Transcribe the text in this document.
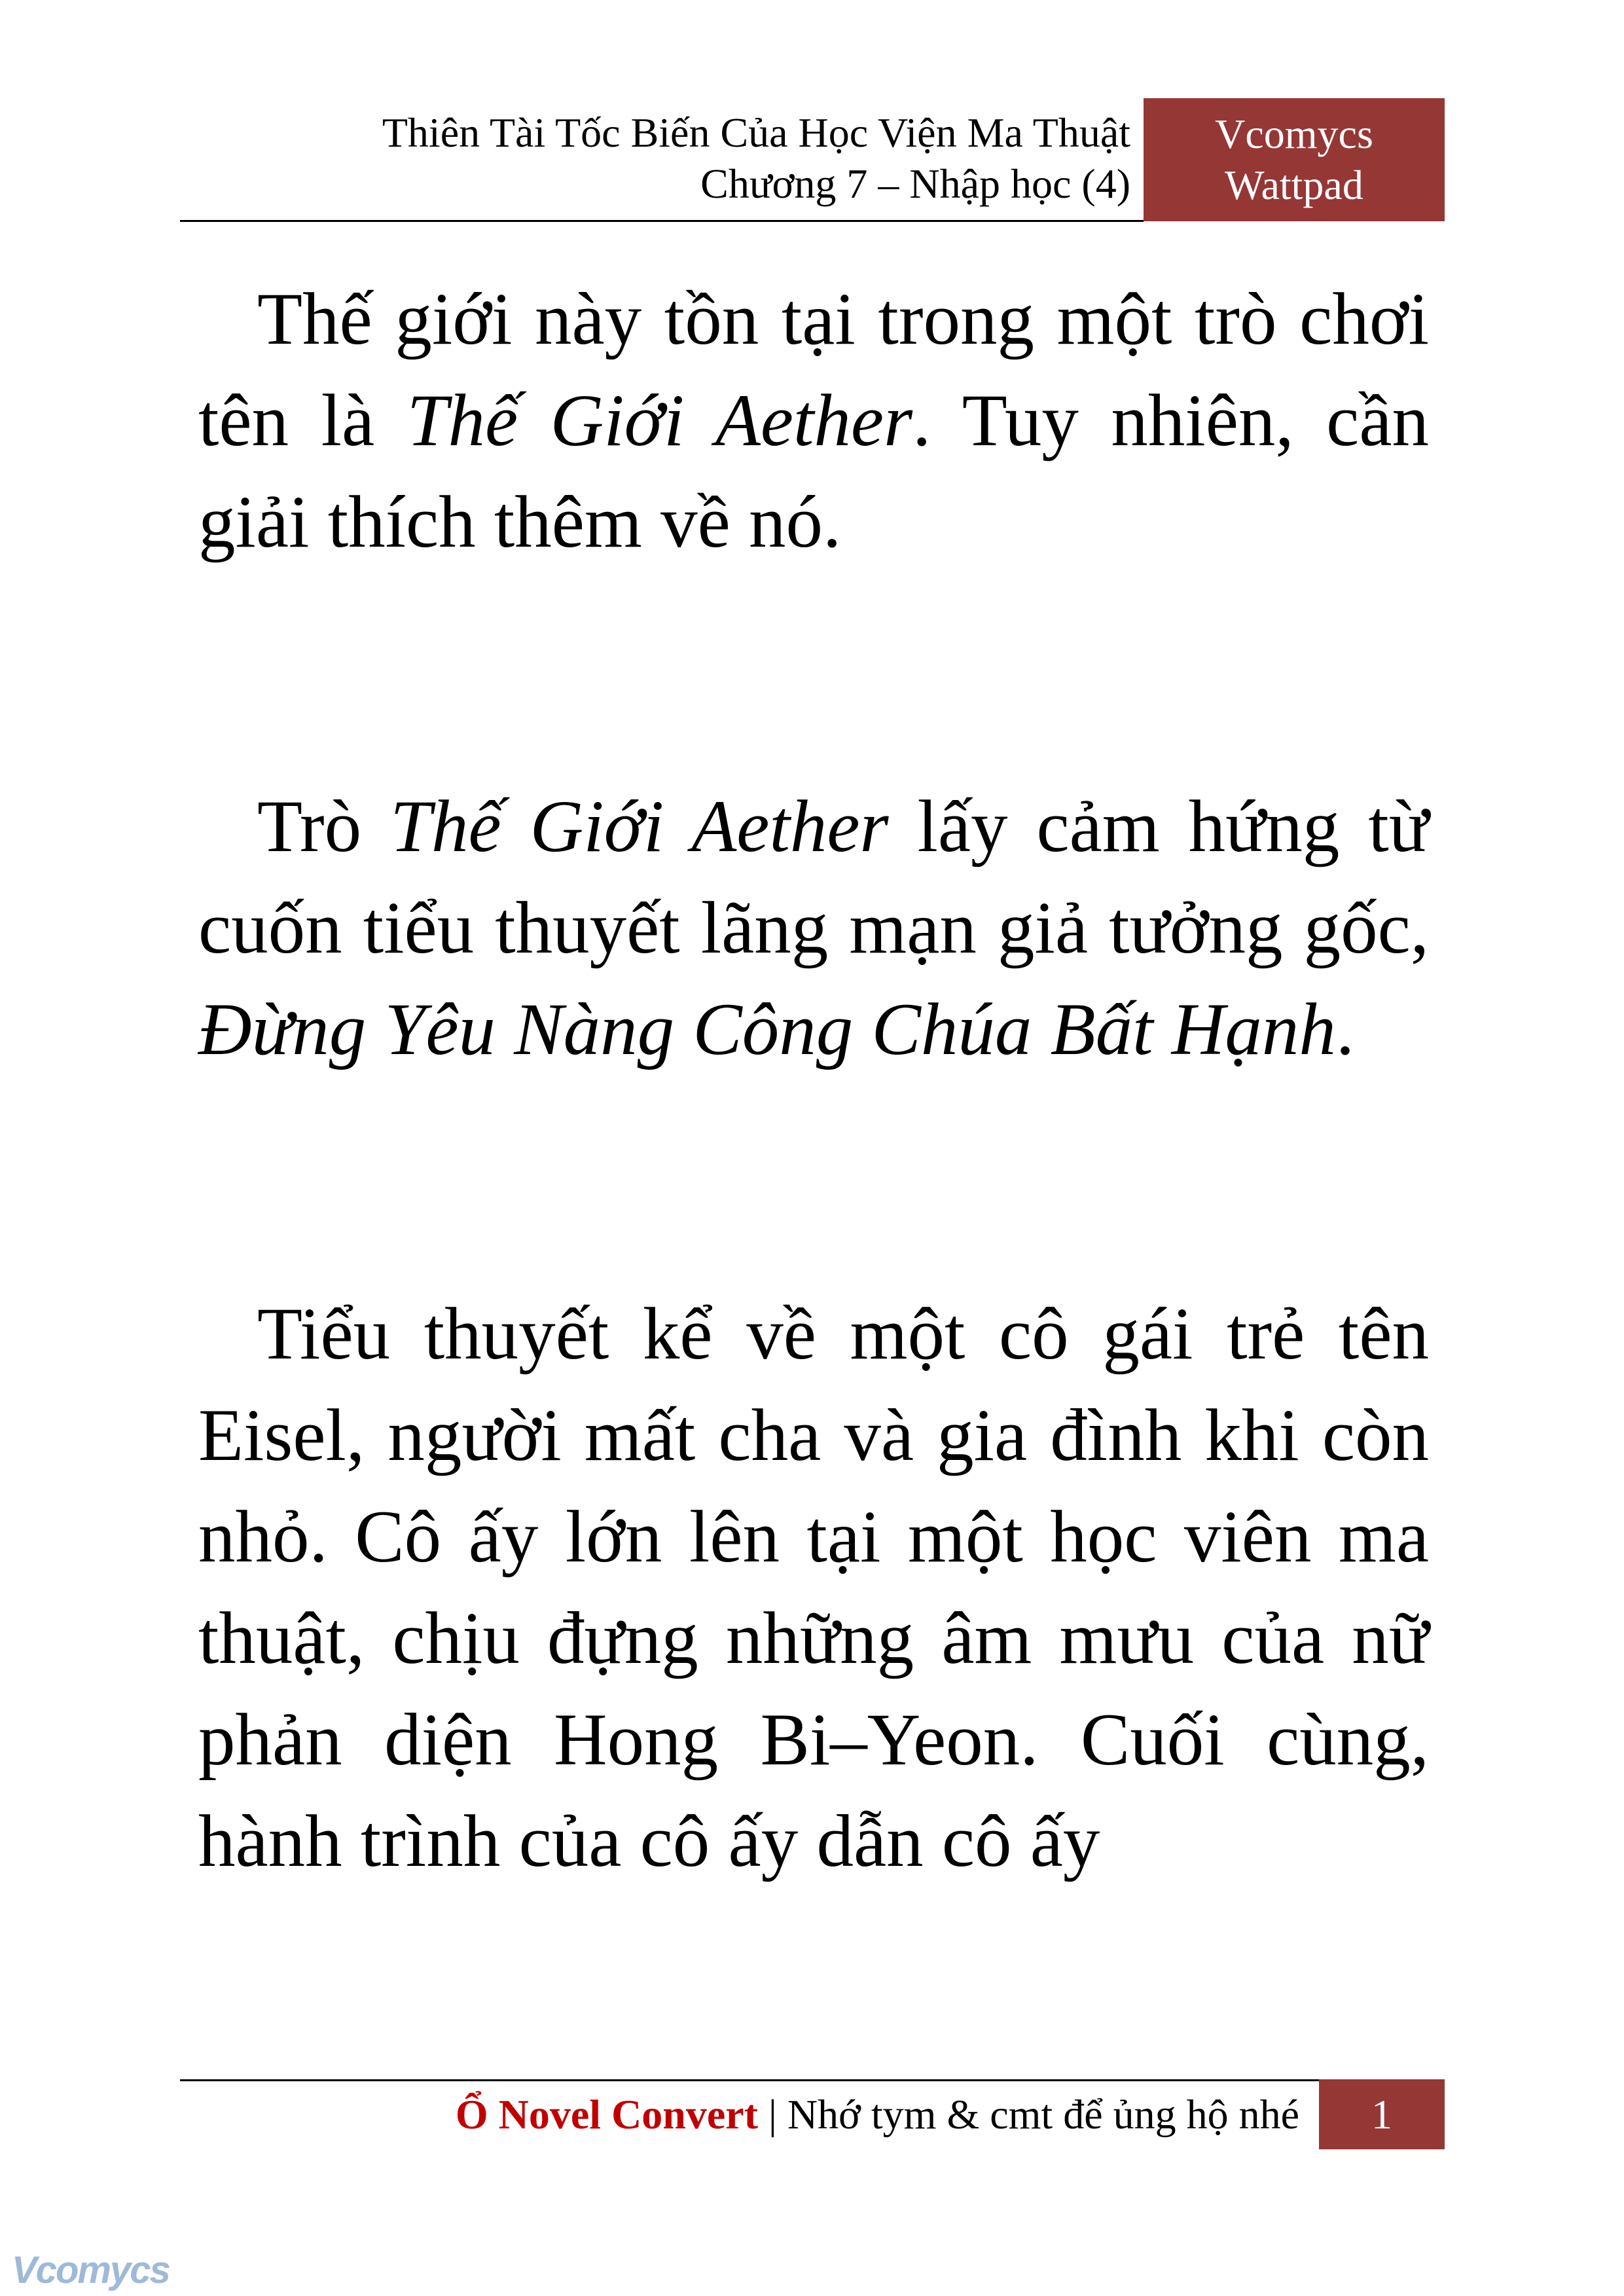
Thiên Tài Tốc Biến Của Học Viện Ma Thuật
Chương 7 – Nhập học (4)
Vcomycs
Wattpad

Thế giới này tồn tại trong một trò chơi tên là Thế Giới Aether. Tuy nhiên, cần giải thích thêm về nó.

Trò Thế Giới Aether lấy cảm hứng từ cuốn tiểu thuyết lãng mạn giả tưởng gốc, Đừng Yêu Nàng Công Chúa Bất Hạnh.

Tiểu thuyết kể về một cô gái trẻ tên Eisel, người mất cha và gia đình khi còn nhỏ. Cô ấy lớn lên tại một học viên ma thuật, chịu đựng những âm mưu của nữ phản diện Hong Bi–Yeon. Cuối cùng, hành trình của cô ấy dẫn cô ấy

Ổ Novel Convert | Nhớ tym & cmt để ủng hộ nhé	1
Vcomycs
